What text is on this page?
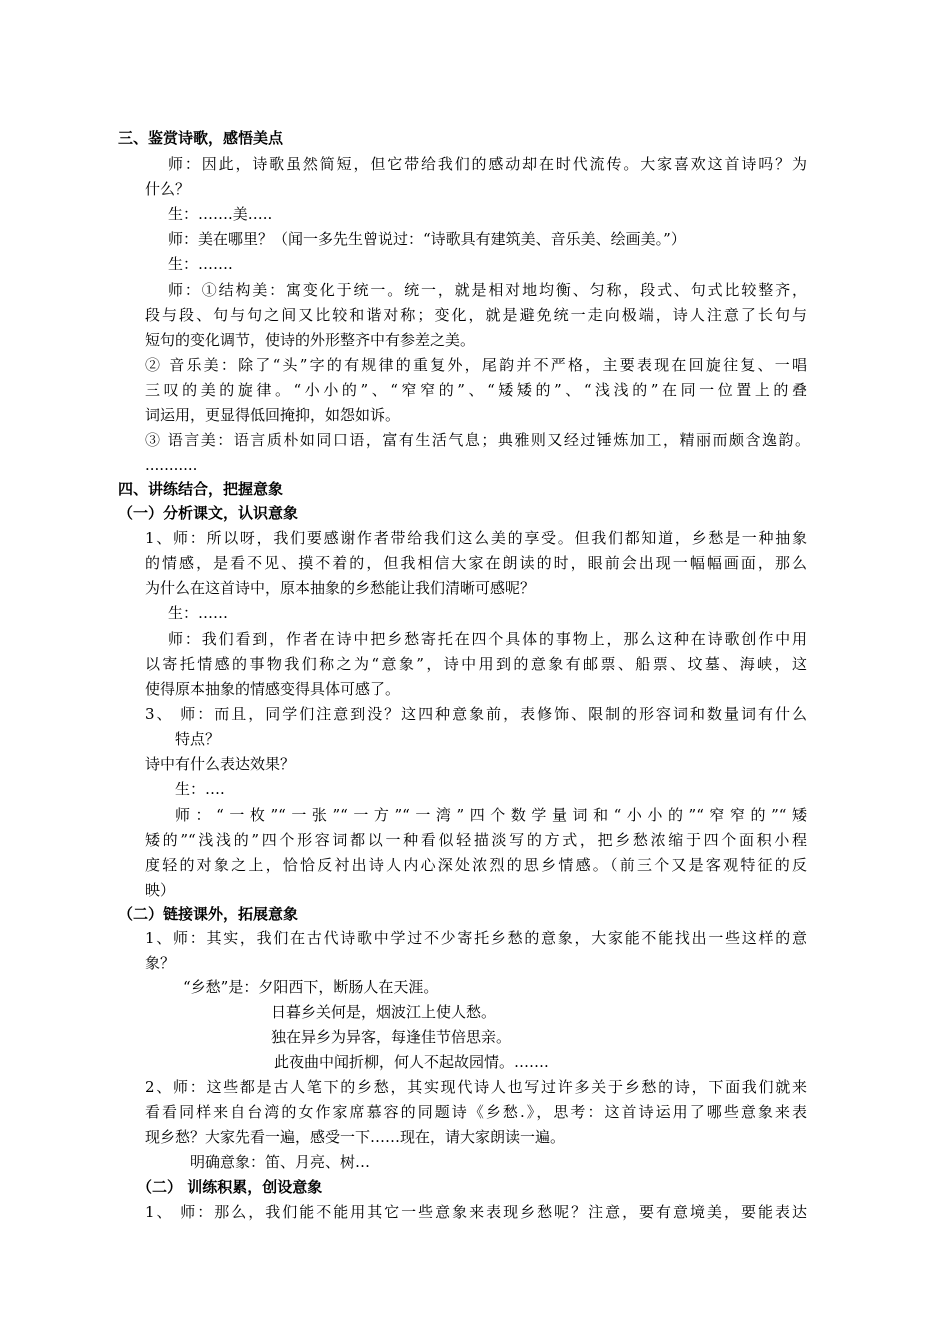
三、鉴赏诗歌，感悟美点
师：因此，诗歌虽然简短，但它带给我们的感动却在时代流传。大家喜欢这首诗吗？为
什么？
生：…….美…..
师：美在哪里？（闻一多先生曾说过：“诗歌具有建筑美、音乐美、绘画美。”）
生：…….
师：①结构美：寓变化于统一。统一，就是相对地均衡、匀称，段式、句式比较整齐，
段与段、句与句之间又比较和谐对称；变化，就是避免统一走向极端，诗人注意了长句与
短句的变化调节，使诗的外形整齐中有参差之美。
② 音乐美：除了“头”字的有规律的重复外，尾韵并不严格，主要表现在回旋往复、一唱
三叹的美的旋律。“小小的”、“窄窄的”、“矮矮的”、“浅浅的”在同一位置上的叠
词运用，更显得低回掩抑，如怨如诉。
③ 语言美：语言质朴如同口语，富有生活气息；典雅则又经过锤炼加工，精丽而颇含逸韵。
...........
四、讲练结合，把握意象
（一）分析课文，认识意象
1、师：所以呀，我们要感谢作者带给我们这么美的享受。但我们都知道，乡愁是一种抽象
的情感，是看不见、摸不着的，但我相信大家在朗读的时，眼前会出现一幅幅画面，那么
为什么在这首诗中，原本抽象的乡愁能让我们清晰可感呢？
生：……
师：我们看到，作者在诗中把乡愁寄托在四个具体的事物上，那么这种在诗歌创作中用
以寄托情感的事物我们称之为“意象”，诗中用到的意象有邮票、船票、坟墓、海峡，这
使得原本抽象的情感变得具体可感了。
3、 师：而且，同学们注意到没？这四种意象前，表修饰、限制的形容词和数量词有什么
特点？
诗中有什么表达效果？
生：….
师：“一枚”“一张”“一方”“一湾”四个数学量词和“小小的”“窄窄的”“矮
矮的”“浅浅的”四个形容词都以一种看似轻描淡写的方式，把乡愁浓缩于四个面积小程
度轻的对象之上，恰恰反衬出诗人内心深处浓烈的思乡情感。（前三个又是客观特征的反
映）
（二）链接课外，拓展意象
1、师：其实，我们在古代诗歌中学过不少寄托乡愁的意象，大家能不能找出一些这样的意
象？
“乡愁”是：夕阳西下，断肠人在天涯。
日暮乡关何是，烟波江上使人愁。
独在异乡为异客，每逢佳节倍思亲。
此夜曲中闻折柳，何人不起故园情。…….
2、师：这些都是古人笔下的乡愁，其实现代诗人也写过许多关于乡愁的诗，下面我们就来
看看同样来自台湾的女作家席慕容的同题诗《乡愁.》，思考：这首诗运用了哪些意象来表
现乡愁？大家先看一遍，感受一下……现在，请大家朗读一遍。
明确意象：笛、月亮、树…
（二） 训练积累，创设意象
1、 师：那么，我们能不能用其它一些意象来表现乡愁呢？注意，要有意境美，要能表达
